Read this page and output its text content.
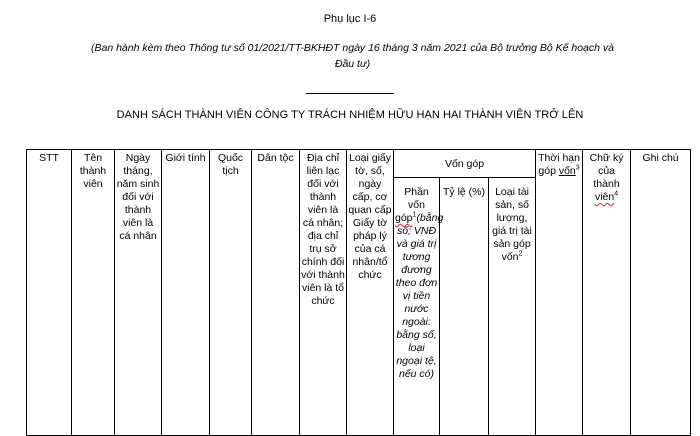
Phụ lục I-6
(Ban hành kèm theo Thông tư số 01/2021/TT-BKHĐT ngày 16 tháng 3 năm 2021 của Bộ trưởng Bộ Kế hoạch và Đầu tư)
DANH SÁCH THÀNH VIÊN CÔNG TY TRÁCH NHIỆM HỮU HẠN HAI THÀNH VIÊN TRỞ LÊN
STT	Tên thành viên	Ngày tháng, năm sinh đối với thành viên là cá nhân	Giới tính	Quốc tịch	Dân tộc	Địa chỉ liên lạc đối với thành viên là cá nhân; địa chỉ trụ sở chính đối với thành viên là tổ chức	Loại giấy tờ, số, ngày cấp, cơ quan cấp Giấy tờ pháp lý của cá nhân/tổ chức	Vốn góp			Thời hạn góp vốn$^3$	Chữ ký của thành viên$^4$	Ghi chú
								Phần vốn góp$^1$(bằng số; VNĐ và giá trị tương đương theo đơn vị tiền nước ngoài: bằng số, loại ngoại tệ, nếu có)	Tỷ lệ (%)	Loại tài sản, số lượng, giá trị tài sản góp vốn$^2$
